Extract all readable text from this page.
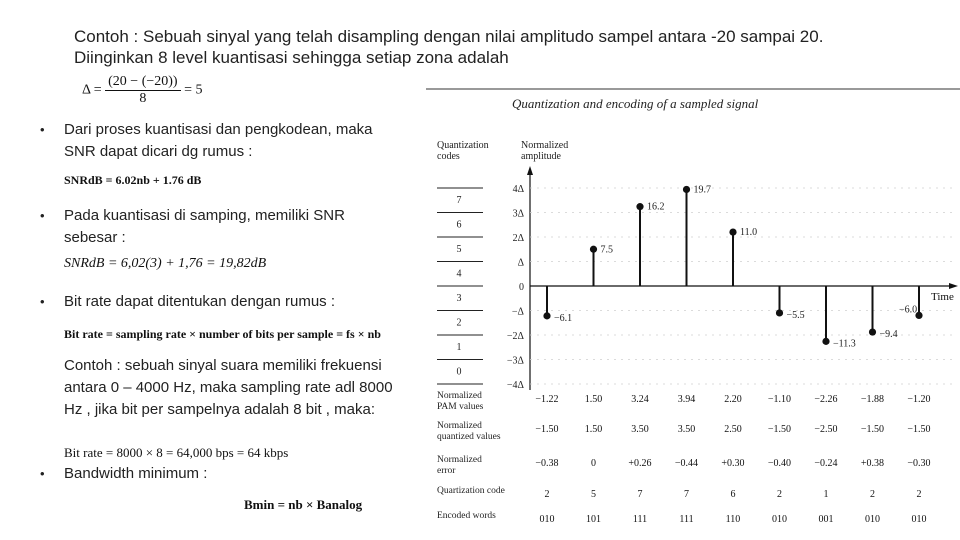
Contoh : Sebuah sinyal yang telah disampling dengan nilai amplitudo sampel antara -20 sampai 20.
Diinginkan 8 level kuantisasi sehingga setiap zona adalah
$\Delta = \frac{(20 - (-20))}{8} = 5$
• Dari proses kuantisasi dan pengkodean, maka SNR dapat dicari dg rumus :
SNRdB = 6.02nb + 1.76 dB
• Pada kuantisasi di samping, memiliki SNR sebesar :
SNRdB = 6,02(3) + 1,76 = 19,82dB
• Bit rate dapat ditentukan dengan rumus :
Bit rate = sampling rate × number of bits per sample = fs × nb
Contoh : sebuah sinyal suara memiliki frekuensi antara 0 – 4000 Hz, maka sampling rate adl 8000 Hz , jika bit per sampelnya adalah 8 bit , maka:
Bit rate = 8000 × 8 = 64,000 bps = 64 kbps
• Bandwidth minimum :
Bmin = nb × Banalog
Quantization and encoding of a sampled signal
Quantization codes
Normalized amplitude
7
6
5
4
3
2
1
0
Time
4Δ
3Δ
2Δ
Δ
0
−Δ
−2Δ
−3Δ
−4Δ
−6.1
7.5
16.2
19.7
11.0
−5.5
−11.3
−9.4
−6.0
Normalized PAM values
−1.22	1.50	3.24	3.94	2.20	−1.10 −2.26 −1.88 −1.20
Normalized quantized values
−1.50	1.50	3.50	3.50	2.50	−1.50 −2.50 −1.50 −1.50
Normalized error
−0.38	0	+0.26 −0.44 +0.30 −0.40 −0.24 +0.38 −0.30
Quartization code	2	5	7	7	6	2	1	2	2
Encoded words	010	101	111	111	110	010	001	010	010
